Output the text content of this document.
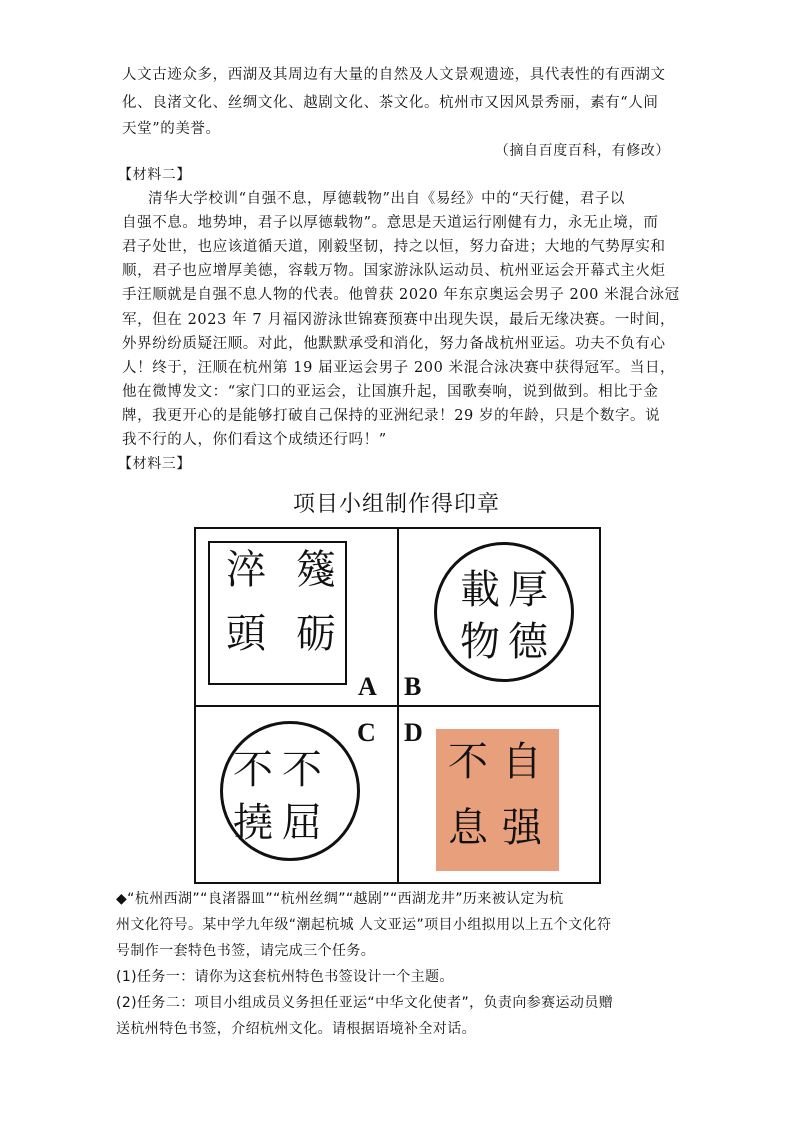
人文古迹众多，西湖及其周边有大量的自然及人文景观遗迹，具代表性的有西湖文
化、良渚文化、丝绸文化、越剧文化、茶文化。杭州市又因风景秀丽，素有“人间
天堂”的美誉。
（摘自百度百科，有修改）
【材料二】
清华大学校训“自强不息，厚德载物”出自《易经》中的“天行健，君子以
自强不息。地势坤，君子以厚德载物”。意思是天道运行刚健有力，永无止境，而
君子处世，也应该道循天道，刚毅坚韧，持之以恒，努力奋进；大地的气势厚实和
顺，君子也应增厚美德，容载万物。国家游泳队运动员、杭州亚运会开幕式主火炬
手汪顺就是自强不息人物的代表。他曾获 2020 年东京奥运会男子 200 米混合泳冠
军，但在 2023 年 7 月福冈游泳世锦赛预赛中出现失误，最后无缘决赛。一时间，
外界纷纷质疑汪顺。对此，他默默承受和消化，努力备战杭州亚运。功夫不负有心
人！终于，汪顺在杭州第 19 届亚运会男子 200 米混合泳决赛中获得冠军。当日，
他在微博发文：“家门口的亚运会，让国旗升起，国歌奏响，说到做到。相比于金
牌，我更开心的是能够打破自己保持的亚洲纪录！29 岁的年龄，只是个数字。说
我不行的人，你们看这个成绩还行吗！”
【材料三】
项目小组制作得印章
䉔
砺
淬
頭
A
厚
德
載
物
B
不
屈
不
撓
C
自
强
不
息
D
◆“杭州西湖”“良渚器皿”“杭州丝绸”“越剧”“西湖龙井”历来被认定为杭
州文化符号。某中学九年级“潮起杭城 人文亚运”项目小组拟用以上五个文化符
号制作一套特色书签，请完成三个任务。
(1)任务一：请你为这套杭州特色书签设计一个主题。
(2)任务二：项目小组成员义务担任亚运“中华文化使者”，负责向参赛运动员赠
送杭州特色书签，介绍杭州文化。请根据语境补全对话。
